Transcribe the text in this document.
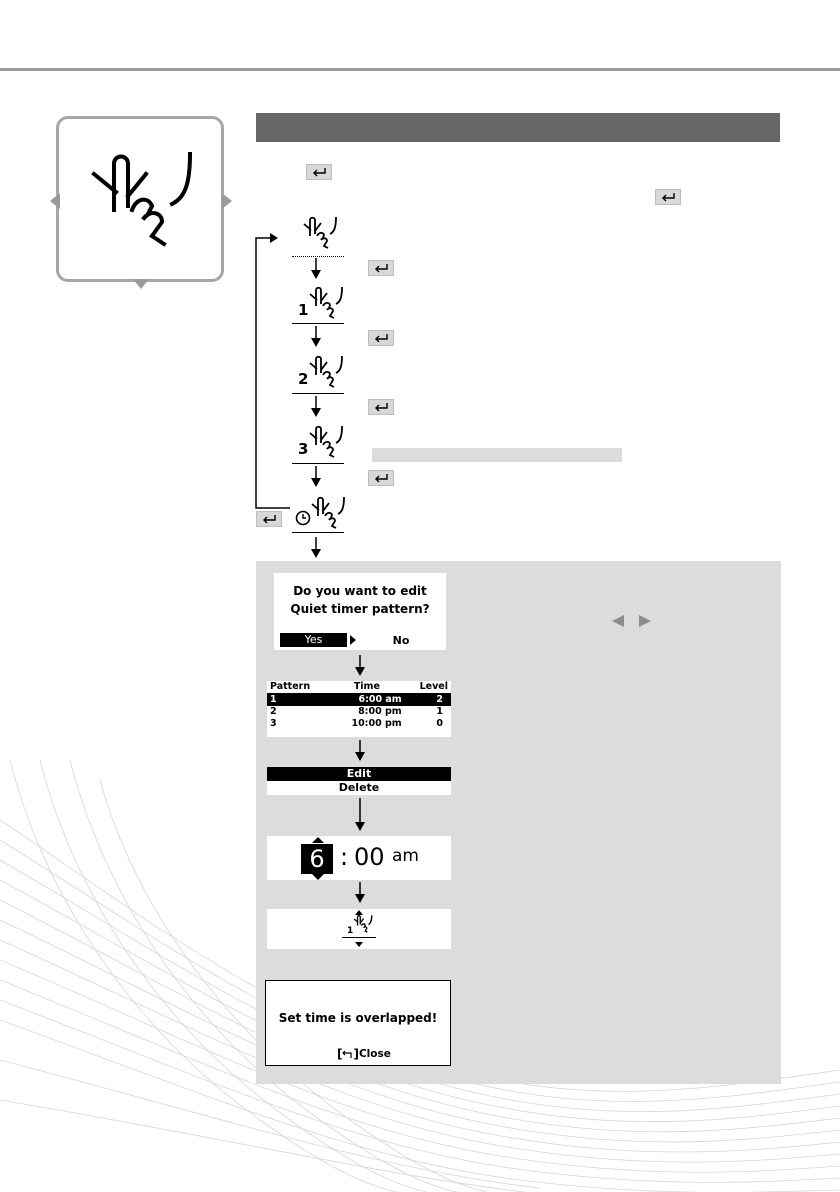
1
2
3
Do you want to edit
Quiet timer pattern?
Yes	No
Pattern	Time	Level
1	6:00 am	2
2	8:00 pm	1
3	10:00 pm	0
Edit
Delete
6 : 00 am
1
Set time is overlapped!
[ ] Close
